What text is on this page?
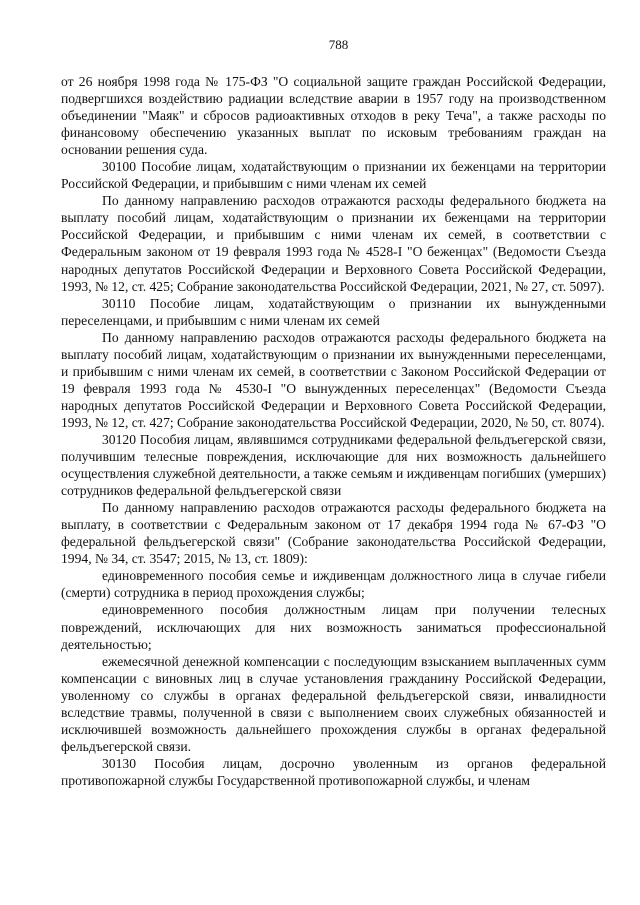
788

от 26 ноября 1998 года № 175-ФЗ "О социальной защите граждан Российской Федерации, подвергшихся воздействию радиации вследствие аварии в 1957 году на производственном объединении "Маяк" и сбросов радиоактивных отходов в реку Теча", а также расходы по финансовому обеспечению указанных выплат по исковым требованиям граждан на основании решения суда.

30100 Пособие лицам, ходатайствующим о признании их беженцами на территории Российской Федерации, и прибывшим с ними членам их семей

По данному направлению расходов отражаются расходы федерального бюджета на выплату пособий лицам, ходатайствующим о признании их беженцами на территории Российской Федерации, и прибывшим с ними членам их семей, в соответствии с Федеральным законом от 19 февраля 1993 года № 4528-I "О беженцах" (Ведомости Съезда народных депутатов Российской Федерации и Верховного Совета Российской Федерации, 1993, № 12, ст. 425; Собрание законодательства Российской Федерации, 2021, № 27, ст. 5097).

30110 Пособие лицам, ходатайствующим о признании их вынужденными переселенцами, и прибывшим с ними членам их семей

По данному направлению расходов отражаются расходы федерального бюджета на выплату пособий лицам, ходатайствующим о признании их вынужденными переселенцами, и прибывшим с ними членам их семей, в соответствии с Законом Российской Федерации от 19 февраля 1993 года № 4530-I "О вынужденных переселенцах" (Ведомости Съезда народных депутатов Российской Федерации и Верховного Совета Российской Федерации, 1993, № 12, ст. 427; Собрание законодательства Российской Федерации, 2020, № 50, ст. 8074).

30120 Пособия лицам, являвшимся сотрудниками федеральной фельдъегерской связи, получившим телесные повреждения, исключающие для них возможность дальнейшего осуществления служебной деятельности, а также семьям и иждивенцам погибших (умерших) сотрудников федеральной фельдъегерской связи

По данному направлению расходов отражаются расходы федерального бюджета на выплату, в соответствии с Федеральным законом от 17 декабря 1994 года № 67-ФЗ "О федеральной фельдъегерской связи" (Собрание законодательства Российской Федерации, 1994, № 34, ст. 3547; 2015, № 13, ст. 1809):

единовременного пособия семье и иждивенцам должностного лица в случае гибели (смерти) сотрудника в период прохождения службы;

единовременного пособия должностным лицам при получении телесных повреждений, исключающих для них возможность заниматься профессиональной деятельностью;

ежемесячной денежной компенсации с последующим взысканием выплаченных сумм компенсации с виновных лиц в случае установления гражданину Российской Федерации, уволенному со службы в органах федеральной фельдъегерской связи, инвалидности вследствие травмы, полученной в связи с выполнением своих служебных обязанностей и исключившей возможность дальнейшего прохождения службы в органах федеральной фельдъегерской связи.

30130 Пособия лицам, досрочно уволенным из органов федеральной противопожарной службы Государственной противопожарной службы, и членам
